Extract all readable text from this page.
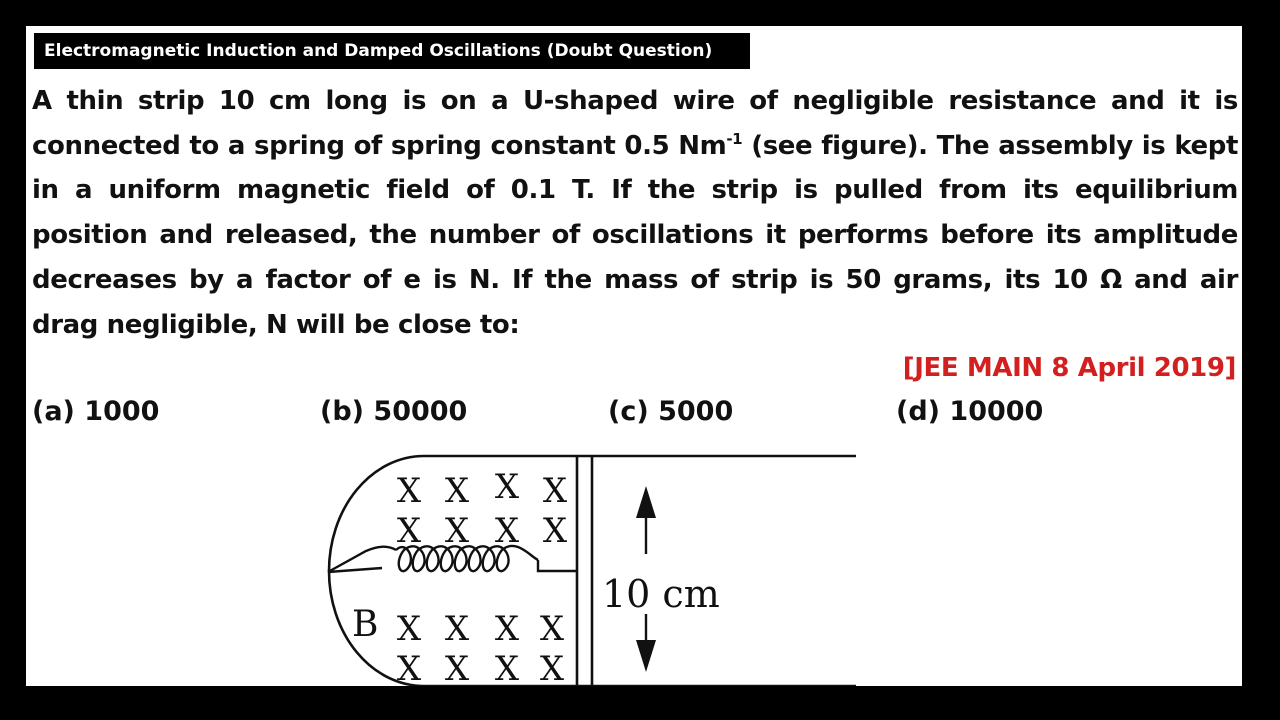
Electromagnetic Induction and Damped Oscillations (Doubt Question)
A thin strip 10 cm long is on a U-shaped wire of negligible resistance and it is connected to a spring of spring constant 0.5 $Nm^{-1}$ (see figure). The assembly is kept in a uniform magnetic field of 0.1 T. If the strip is pulled from its equilibrium position and released, the number of oscillations it performs before its amplitude decreases by a factor of e is N. If the mass of strip is 50 grams, its 10 Ω and air drag negligible, N will be close to:
[JEE MAIN 8 April 2019]
(a) 1000	(b) 50000	(c) 5000	(d) 10000
X X X X
X X X X
X X X X
X X X X
B
10 cm
